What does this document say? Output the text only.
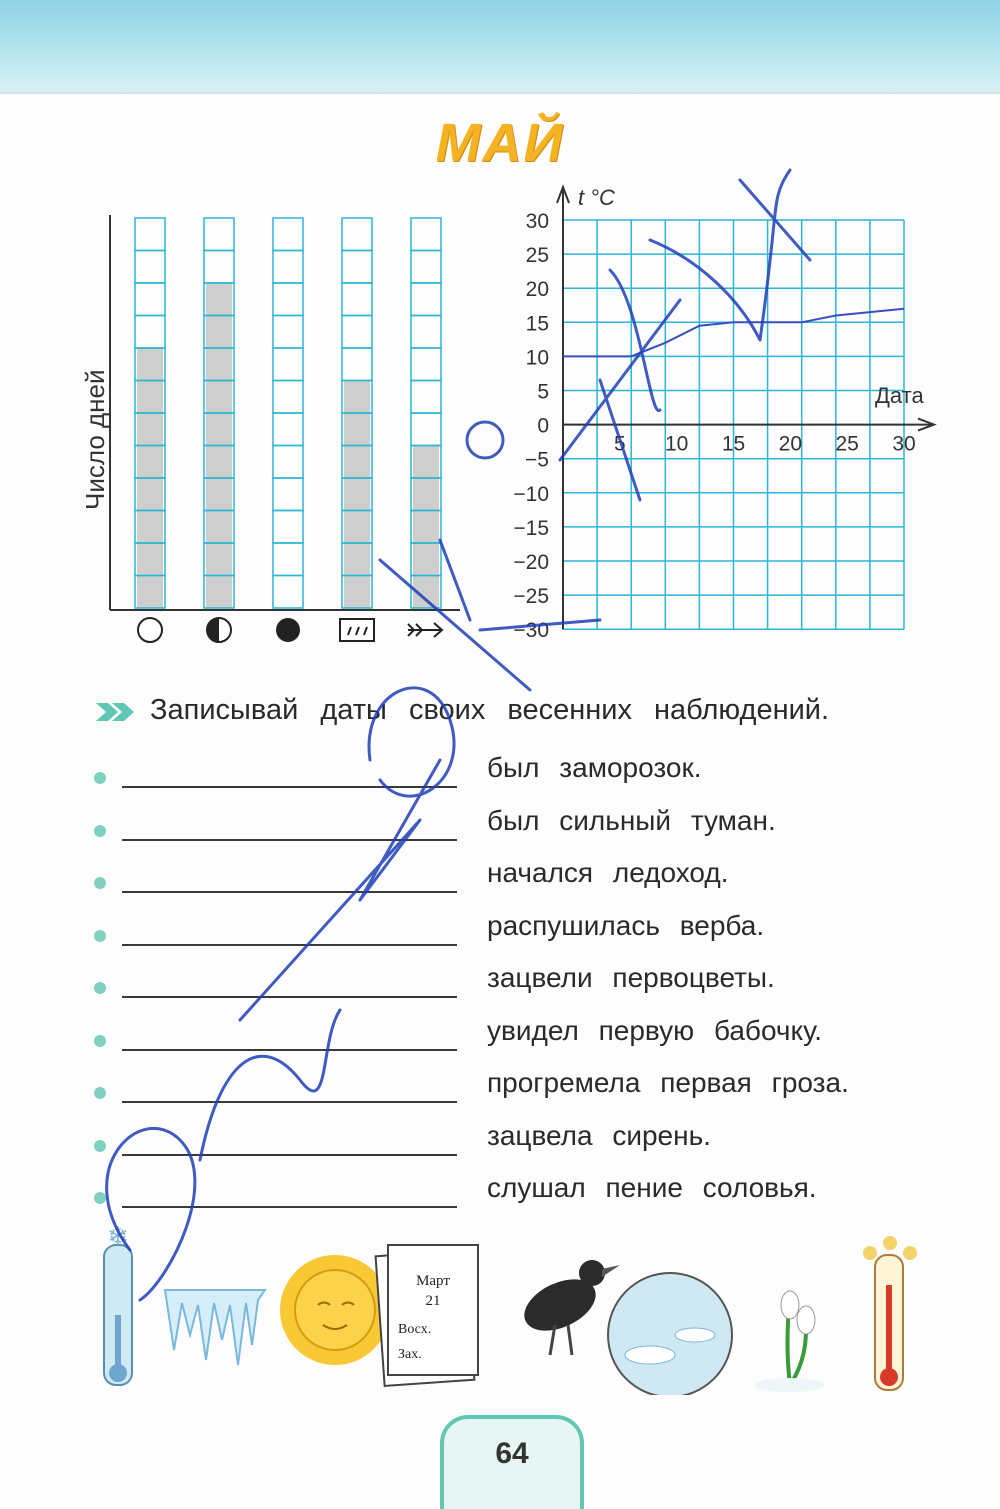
МАЙ
Число дней
30
25
20
15
10
5
0
−5
−10
−15
−20
−25
−30
5 10 15 20 25 30
t °C
Дата
Записывай даты своих весенних наблюдений.
был заморозок.
был сильный туман.
начался ледоход.
распушилась верба.
зацвели первоцветы.
увидел первую бабочку.
прогремела первая гроза.
зацвела сирень.
слушал пение соловья.
❄
Март
21
Восх.
Зах.
64
